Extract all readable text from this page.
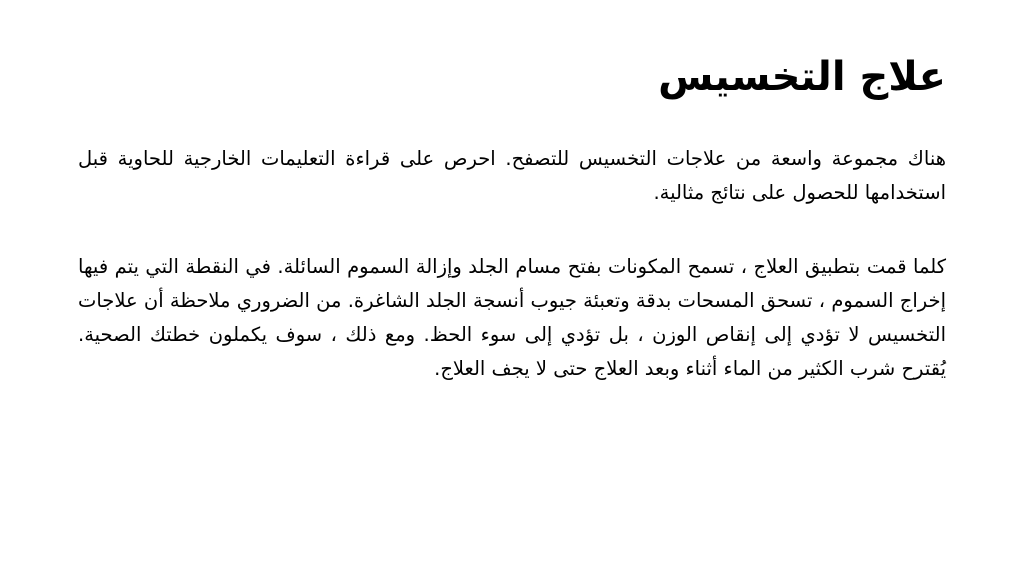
علاج التخسيس

هناك مجموعة واسعة من علاجات التخسيس للتصفح. احرص على قراءة التعليمات الخارجية للحاوية قبل استخدامها للحصول على نتائج مثالية.

كلما قمت بتطبيق العلاج ، تسمح المكونات بفتح مسام الجلد وإزالة السموم السائلة. في النقطة التي يتم فيها إخراج السموم ، تسحق المسحات بدقة وتعبئة جيوب أنسجة الجلد الشاغرة. من الضروري ملاحظة أن علاجات التخسيس لا تؤدي إلى إنقاص الوزن ، بل تؤدي إلى سوء الحظ. ومع ذلك ، سوف يكملون خطتك الصحية. يُقترح شرب الكثير من الماء أثناء وبعد العلاج حتى لا يجف العلاج.
